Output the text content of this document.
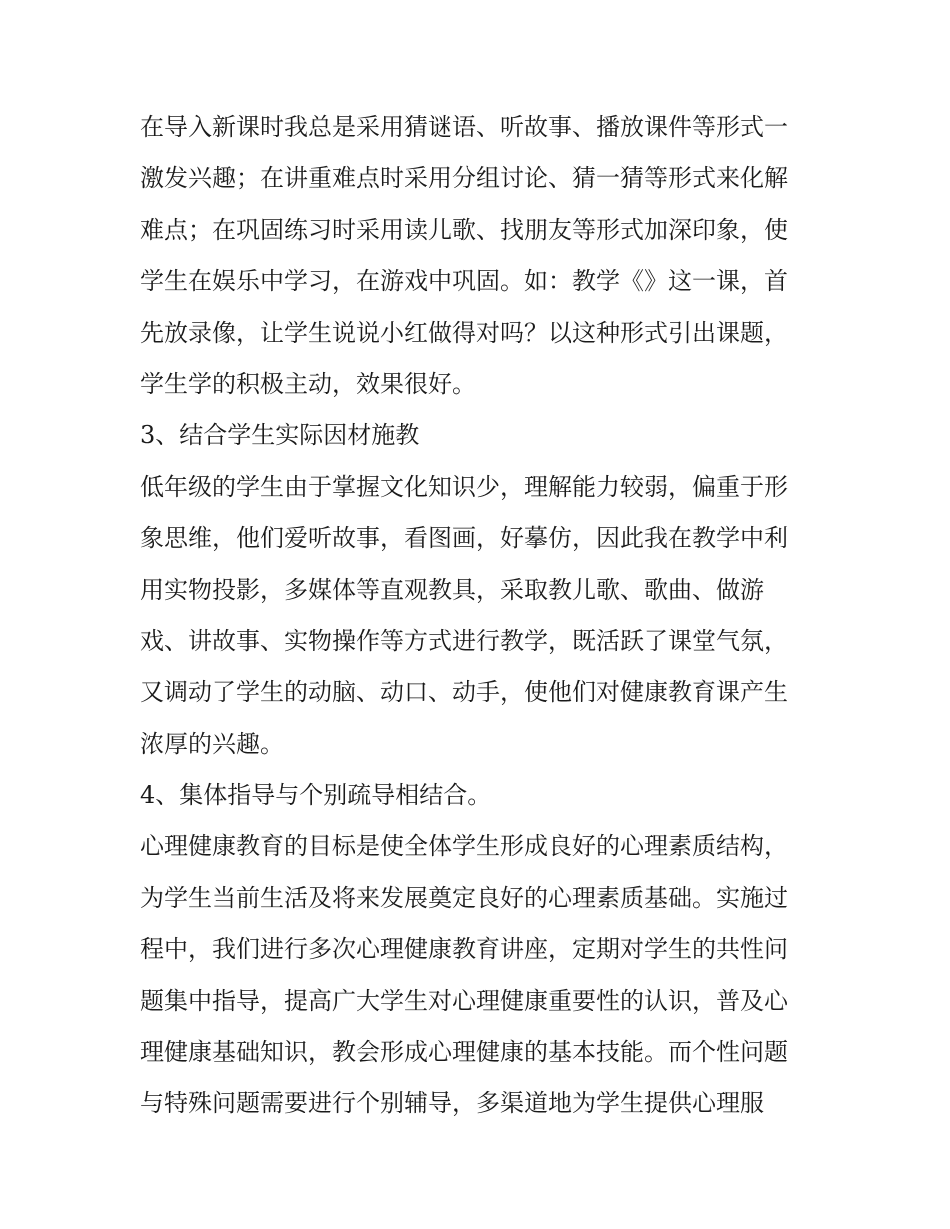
在导入新课时我总是采用猜谜语、听故事、播放课件等形式一
激发兴趣；在讲重难点时采用分组讨论、猜一猜等形式来化解
难点；在巩固练习时采用读儿歌、找朋友等形式加深印象，使
学生在娱乐中学习，在游戏中巩固。如：教学《》这一课，首
先放录像，让学生说说小红做得对吗？以这种形式引出课题，
学生学的积极主动，效果很好。
3、结合学生实际因材施教
低年级的学生由于掌握文化知识少，理解能力较弱，偏重于形
象思维，他们爱听故事，看图画，好摹仿，因此我在教学中利
用实物投影，多媒体等直观教具，采取教儿歌、歌曲、做游
戏、讲故事、实物操作等方式进行教学，既活跃了课堂气氛，
又调动了学生的动脑、动口、动手，使他们对健康教育课产生
浓厚的兴趣。
4、集体指导与个别疏导相结合。
心理健康教育的目标是使全体学生形成良好的心理素质结构，
为学生当前生活及将来发展奠定良好的心理素质基础。实施过
程中，我们进行多次心理健康教育讲座，定期对学生的共性问
题集中指导，提高广大学生对心理健康重要性的认识，普及心
理健康基础知识，教会形成心理健康的基本技能。而个性问题
与特殊问题需要进行个别辅导，多渠道地为学生提供心理服
